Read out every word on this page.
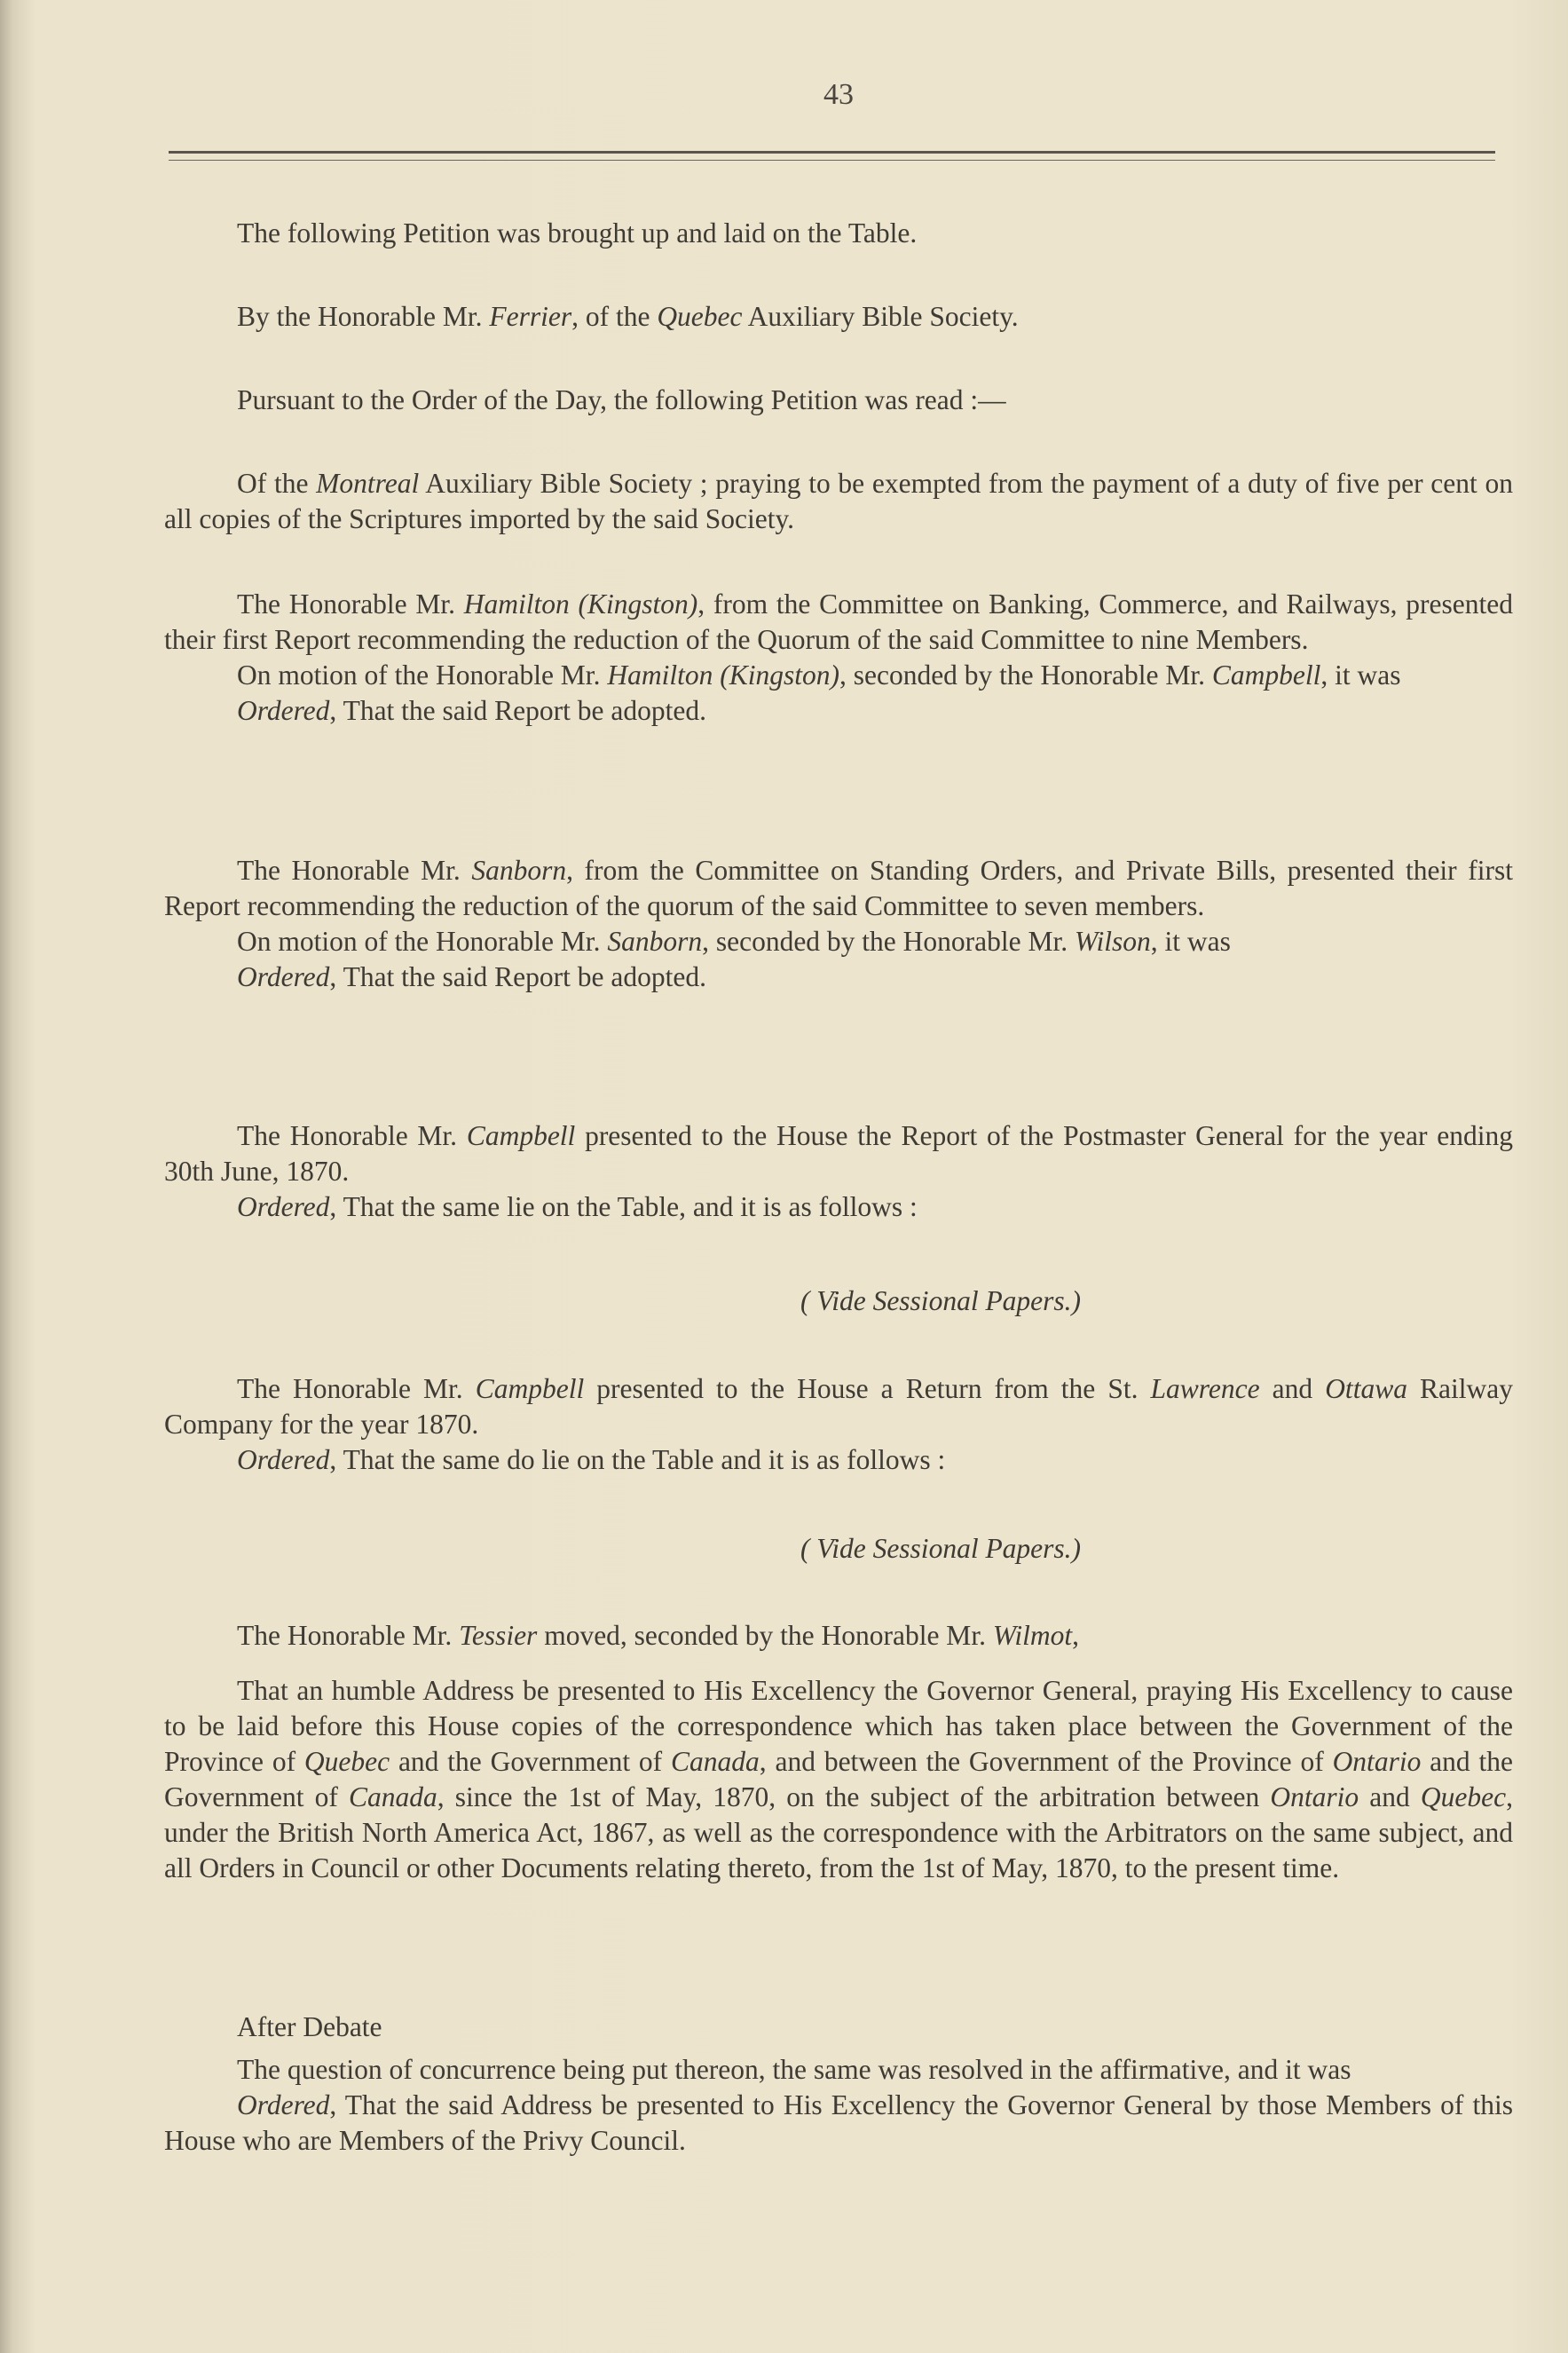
43

The following Petition was brought up and laid on the Table.

By the Honorable Mr. Ferrier, of the Quebec Auxiliary Bible Society.

Pursuant to the Order of the Day, the following Petition was read :—

Of the Montreal Auxiliary Bible Society ; praying to be exempted from the payment of a duty of five per cent on all copies of the Scriptures imported by the said Society.

The Honorable Mr. Hamilton (Kingston), from the Committee on Banking, Commerce, and Railways, presented their first Report recommending the reduction of the Quorum of the said Committee to nine Members.

On motion of the Honorable Mr. Hamilton (Kingston), seconded by the Honorable Mr. Campbell, it was

Ordered, That the said Report be adopted.

The Honorable Mr. Sanborn, from the Committee on Standing Orders, and Private Bills, presented their first Report recommending the reduction of the quorum of the said Committee to seven members.

On motion of the Honorable Mr. Sanborn, seconded by the Honorable Mr. Wilson, it was

Ordered, That the said Report be adopted.

The Honorable Mr. Campbell presented to the House the Report of the Postmaster General for the year ending 30th June, 1870.

Ordered, That the same lie on the Table, and it is as follows :

( Vide Sessional Papers.)

The Honorable Mr. Campbell presented to the House a Return from the St. Lawrence and Ottawa Railway Company for the year 1870.

Ordered, That the same do lie on the Table and it is as follows :

( Vide Sessional Papers.)

The Honorable Mr. Tessier moved, seconded by the Honorable Mr. Wilmot,

That an humble Address be presented to His Excellency the Governor General, praying His Excellency to cause to be laid before this House copies of the correspondence which has taken place between the Government of the Province of Quebec and the Government of Canada, and between the Government of the Province of Ontario and the Government of Canada, since the 1st of May, 1870, on the subject of the arbitration between Ontario and Quebec, under the British North America Act, 1867, as well as the correspondence with the Arbitrators on the same subject, and all Orders in Council or other Documents relating thereto, from the 1st of May, 1870, to the present time.

After Debate

The question of concurrence being put thereon, the same was resolved in the affirmative, and it was

Ordered, That the said Address be presented to His Excellency the Governor General by those Members of this House who are Members of the Privy Council.
